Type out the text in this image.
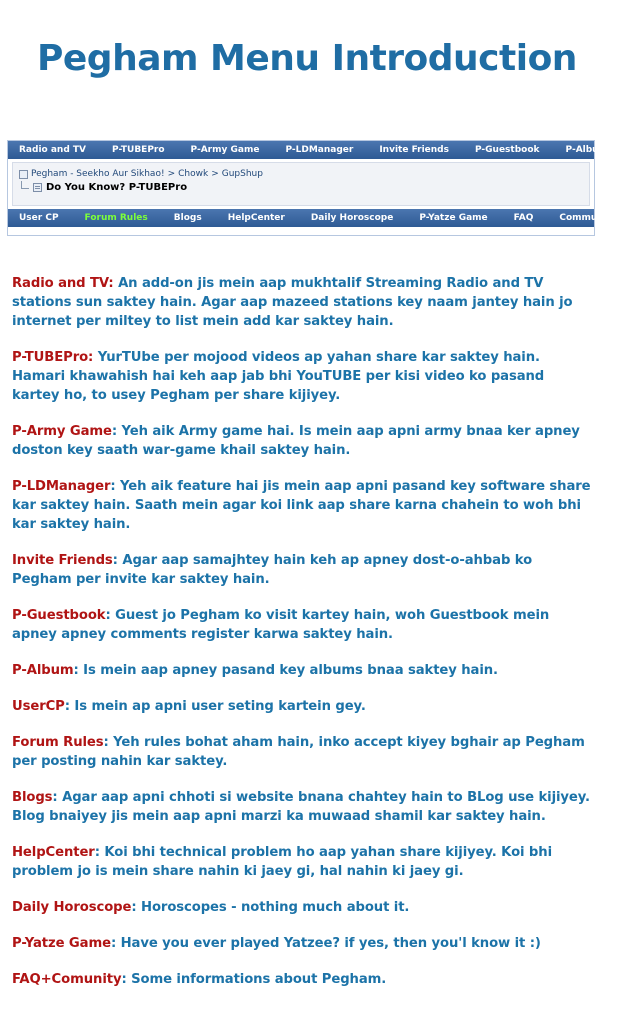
Pegham Menu Introduction
Radio and TV	P-TUBEPro	P-Army Game	P-LDManager	Invite Friends	P-Guestbook	P-Album
Pegham - Seekho Aur Sikhao! > Chowk > GupShup
Do You Know? P-TUBEPro
User CP	Forum Rules	Blogs	HelpCenter	Daily Horoscope	P-Yatze Game	FAQ	Community ▼

Radio and TV: An add-on jis mein aap mukhtalif Streaming Radio and TV stations sun saktey hain. Agar aap mazeed stations key naam jantey hain jo internet per miltey to list mein add kar saktey hain.

P-TUBEPro: YurTUbe per mojood videos ap yahan share kar saktey hain. Hamari khawahish hai keh aap jab bhi YouTUBE per kisi video ko pasand kartey ho, to usey Pegham per share kijiyey.

P-Army Game: Yeh aik Army game hai. Is mein aap apni army bnaa ker apney doston key saath war-game khail saktey hain.

P-LDManager: Yeh aik feature hai jis mein aap apni pasand key software share kar saktey hain. Saath mein agar koi link aap share karna chahein to woh bhi kar saktey hain.

Invite Friends: Agar aap samajhtey hain keh ap apney dost-o-ahbab ko Pegham per invite kar saktey hain.

P-Guestbook: Guest jo Pegham ko visit kartey hain, woh Guestbook mein apney apney comments register karwa saktey hain.

P-Album: Is mein aap apney pasand key albums bnaa saktey hain.

UserCP: Is mein ap apni user seting kartein gey.

Forum Rules: Yeh rules bohat aham hain, inko accept kiyey bghair ap Pegham per posting nahin kar saktey.

Blogs: Agar aap apni chhoti si website bnana chahtey hain to BLog use kijiyey. Blog bnaiyey jis mein aap apni marzi ka muwaad shamil kar saktey hain.

HelpCenter: Koi bhi technical problem ho aap yahan share kijiyey. Koi bhi problem jo is mein share nahin ki jaey gi, hal nahin ki jaey gi.

Daily Horoscope: Horoscopes - nothing much about it.

P-Yatze Game: Have you ever played Yatzee? if yes, then you'l know it :)

FAQ+Comunity: Some informations about Pegham.
